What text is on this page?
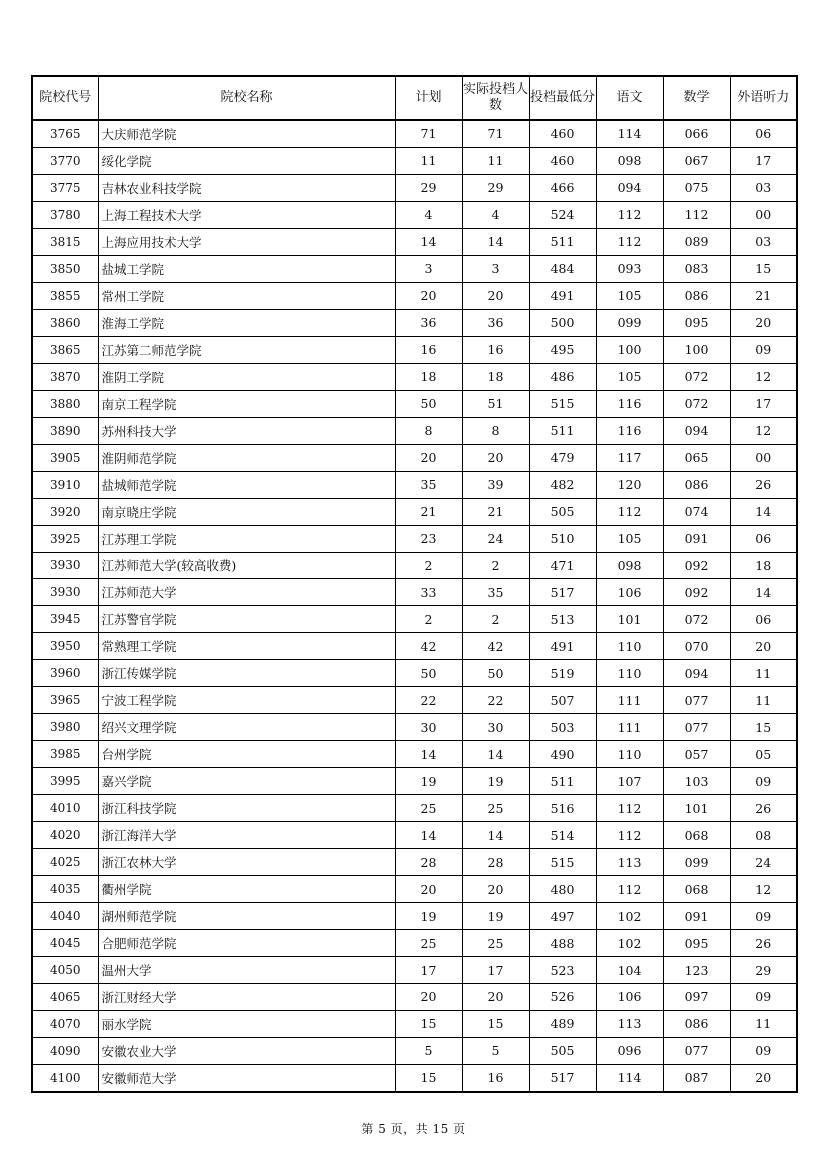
院校代号	院校名称	计划	实际投档人数	投档最低分	语文	数学	外语听力
3765	大庆师范学院	71	71	460	114	066	06
3770	绥化学院	11	11	460	098	067	17
3775	吉林农业科技学院	29	29	466	094	075	03
3780	上海工程技术大学	4	4	524	112	112	00
3815	上海应用技术大学	14	14	511	112	089	03
3850	盐城工学院	3	3	484	093	083	15
3855	常州工学院	20	20	491	105	086	21
3860	淮海工学院	36	36	500	099	095	20
3865	江苏第二师范学院	16	16	495	100	100	09
3870	淮阴工学院	18	18	486	105	072	12
3880	南京工程学院	50	51	515	116	072	17
3890	苏州科技大学	8	8	511	116	094	12
3905	淮阴师范学院	20	20	479	117	065	00
3910	盐城师范学院	35	39	482	120	086	26
3920	南京晓庄学院	21	21	505	112	074	14
3925	江苏理工学院	23	24	510	105	091	06
3930	江苏师范大学(较高收费)	2	2	471	098	092	18
3930	江苏师范大学	33	35	517	106	092	14
3945	江苏警官学院	2	2	513	101	072	06
3950	常熟理工学院	42	42	491	110	070	20
3960	浙江传媒学院	50	50	519	110	094	11
3965	宁波工程学院	22	22	507	111	077	11
3980	绍兴文理学院	30	30	503	111	077	15
3985	台州学院	14	14	490	110	057	05
3995	嘉兴学院	19	19	511	107	103	09
4010	浙江科技学院	25	25	516	112	101	26
4020	浙江海洋大学	14	14	514	112	068	08
4025	浙江农林大学	28	28	515	113	099	24
4035	衢州学院	20	20	480	112	068	12
4040	湖州师范学院	19	19	497	102	091	09
4045	合肥师范学院	25	25	488	102	095	26
4050	温州大学	17	17	523	104	123	29
4065	浙江财经大学	20	20	526	106	097	09
4070	丽水学院	15	15	489	113	086	11
4090	安徽农业大学	5	5	505	096	077	09
4100	安徽师范大学	15	16	517	114	087	20
第 5 页，共 15 页
